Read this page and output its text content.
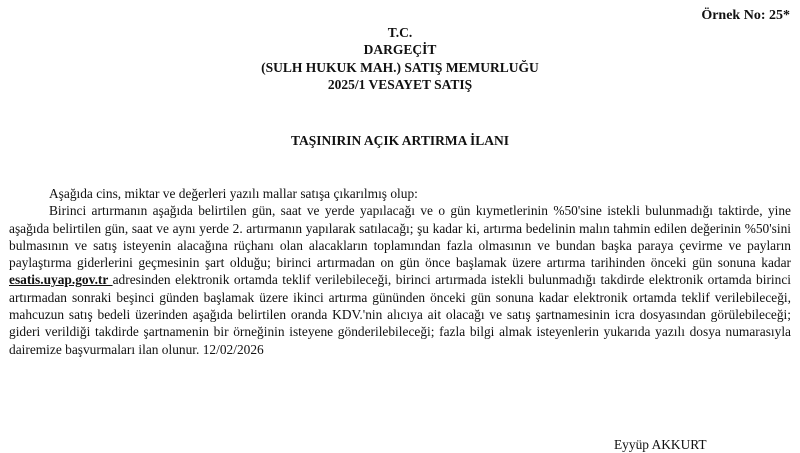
Örnek No: 25*
T.C.
DARGEÇİT
(SULH HUKUK MAH.) SATIŞ MEMURLUĞU
2025/1 VESAYET SATIŞ
TAŞINIRIN AÇIK ARTIRMA İLANI

Aşağıda cins, miktar ve değerleri yazılı mallar satışa çıkarılmış olup:

Birinci artırmanın aşağıda belirtilen gün, saat ve yerde yapılacağı ve o gün kıymetlerinin %50'sine istekli bulunmadığı taktirde, yine aşağıda belirtilen gün, saat ve aynı yerde 2. artırmanın yapılarak satılacağı; şu kadar ki, artırma bedelinin malın tahmin edilen değerinin %50'sini bulmasının ve satış isteyenin alacağına rüçhanı olan alacakların toplamından fazla olmasının ve bundan başka paraya çevirme ve payların paylaştırma giderlerini geçmesinin şart olduğu; birinci artırmadan on gün önce başlamak üzere artırma tarihinden önceki gün sonuna kadar esatis.uyap.gov.tr adresinden elektronik ortamda teklif verilebileceği, birinci artırmada istekli bulunmadığı takdirde elektronik ortamda birinci artırmadan sonraki beşinci günden başlamak üzere ikinci artırma gününden önceki gün sonuna kadar elektronik ortamda teklif verilebileceği, mahcuzun satış bedeli üzerinden aşağıda belirtilen oranda KDV.'nin alıcıya ait olacağı ve satış şartnamesinin icra dosyasından görülebileceği; gideri verildiği takdirde şartnamenin bir örneğinin isteyene gönderilebileceği; fazla bilgi almak isteyenlerin yukarıda yazılı dosya numarasıyla dairemize başvurmaları ilan olunur. 12/02/2026

Eyyüp AKKURT
